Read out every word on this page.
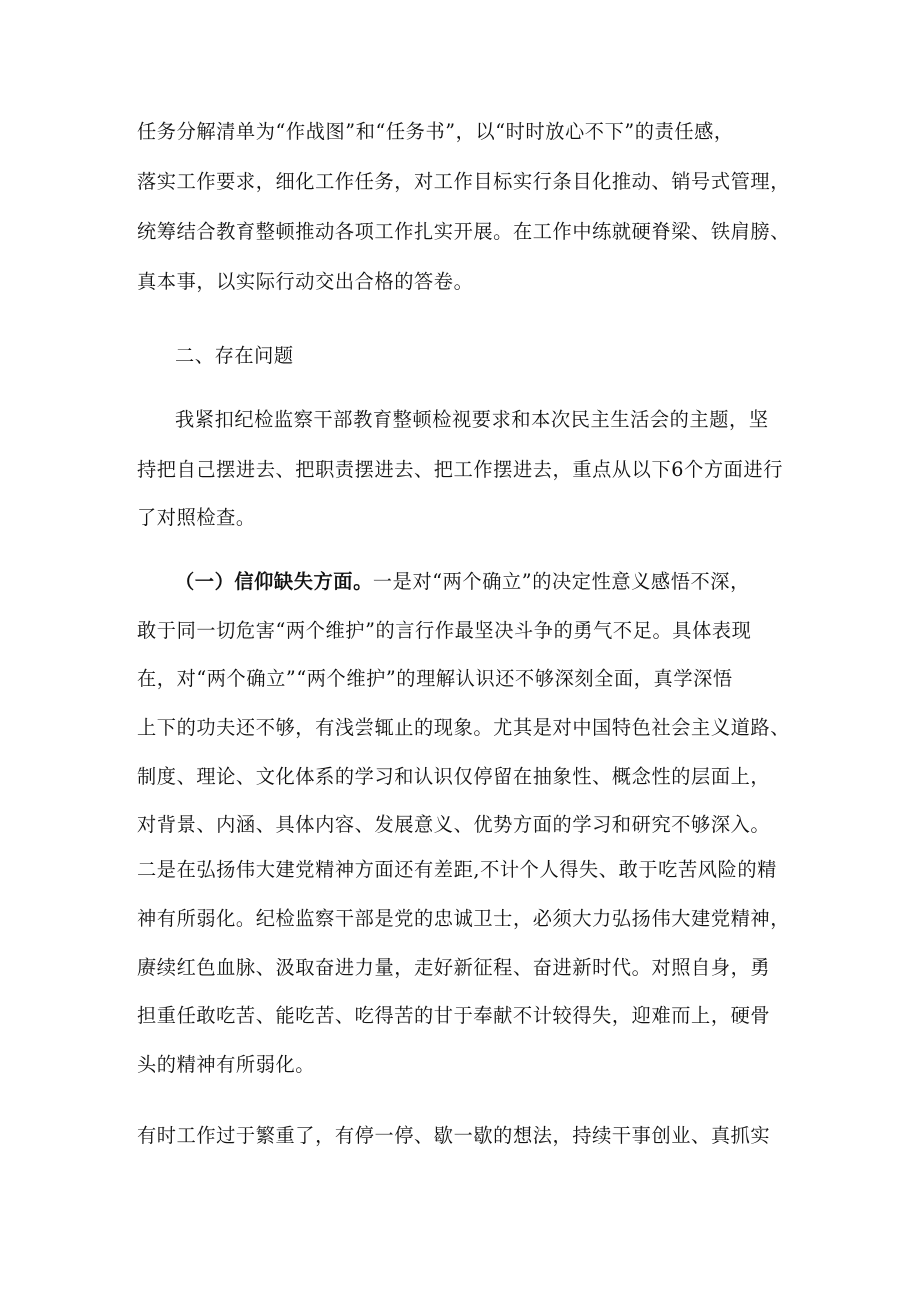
任务分解清单为“作战图”和“任务书”，以“时时放心不下”的责任感，
落实工作要求，细化工作任务，对工作目标实行条目化推动、销号式管理，
统筹结合教育整顿推动各项工作扎实开展。在工作中练就硬脊梁、铁肩膀、
真本事，以实际行动交出合格的答卷。
二、存在问题
我紧扣纪检监察干部教育整顿检视要求和本次民主生活会的主题，坚
持把自己摆进去、把职责摆进去、把工作摆进去，重点从以下6个方面进行
了对照检查。
（一）信仰缺失方面。一是对“两个确立”的决定性意义感悟不深，
敢于同一切危害“两个维护”的言行作最坚决斗争的勇气不足。具体表现
在，对“两个确立”“两个维护”的理解认识还不够深刻全面，真学深悟
上下的功夫还不够，有浅尝辄止的现象。尤其是对中国特色社会主义道路、
制度、理论、文化体系的学习和认识仅停留在抽象性、概念性的层面上，
对背景、内涵、具体内容、发展意义、优势方面的学习和研究不够深入。
二是在弘扬伟大建党精神方面还有差距,不计个人得失、敢于吃苦风险的精
神有所弱化。纪检监察干部是党的忠诚卫士，必须大力弘扬伟大建党精神，
赓续红色血脉、汲取奋进力量，走好新征程、奋进新时代。对照自身，勇
担重任敢吃苦、能吃苦、吃得苦的甘于奉献不计较得失，迎难而上，硬骨
头的精神有所弱化。
有时工作过于繁重了，有停一停、歇一歇的想法，持续干事创业、真抓实
